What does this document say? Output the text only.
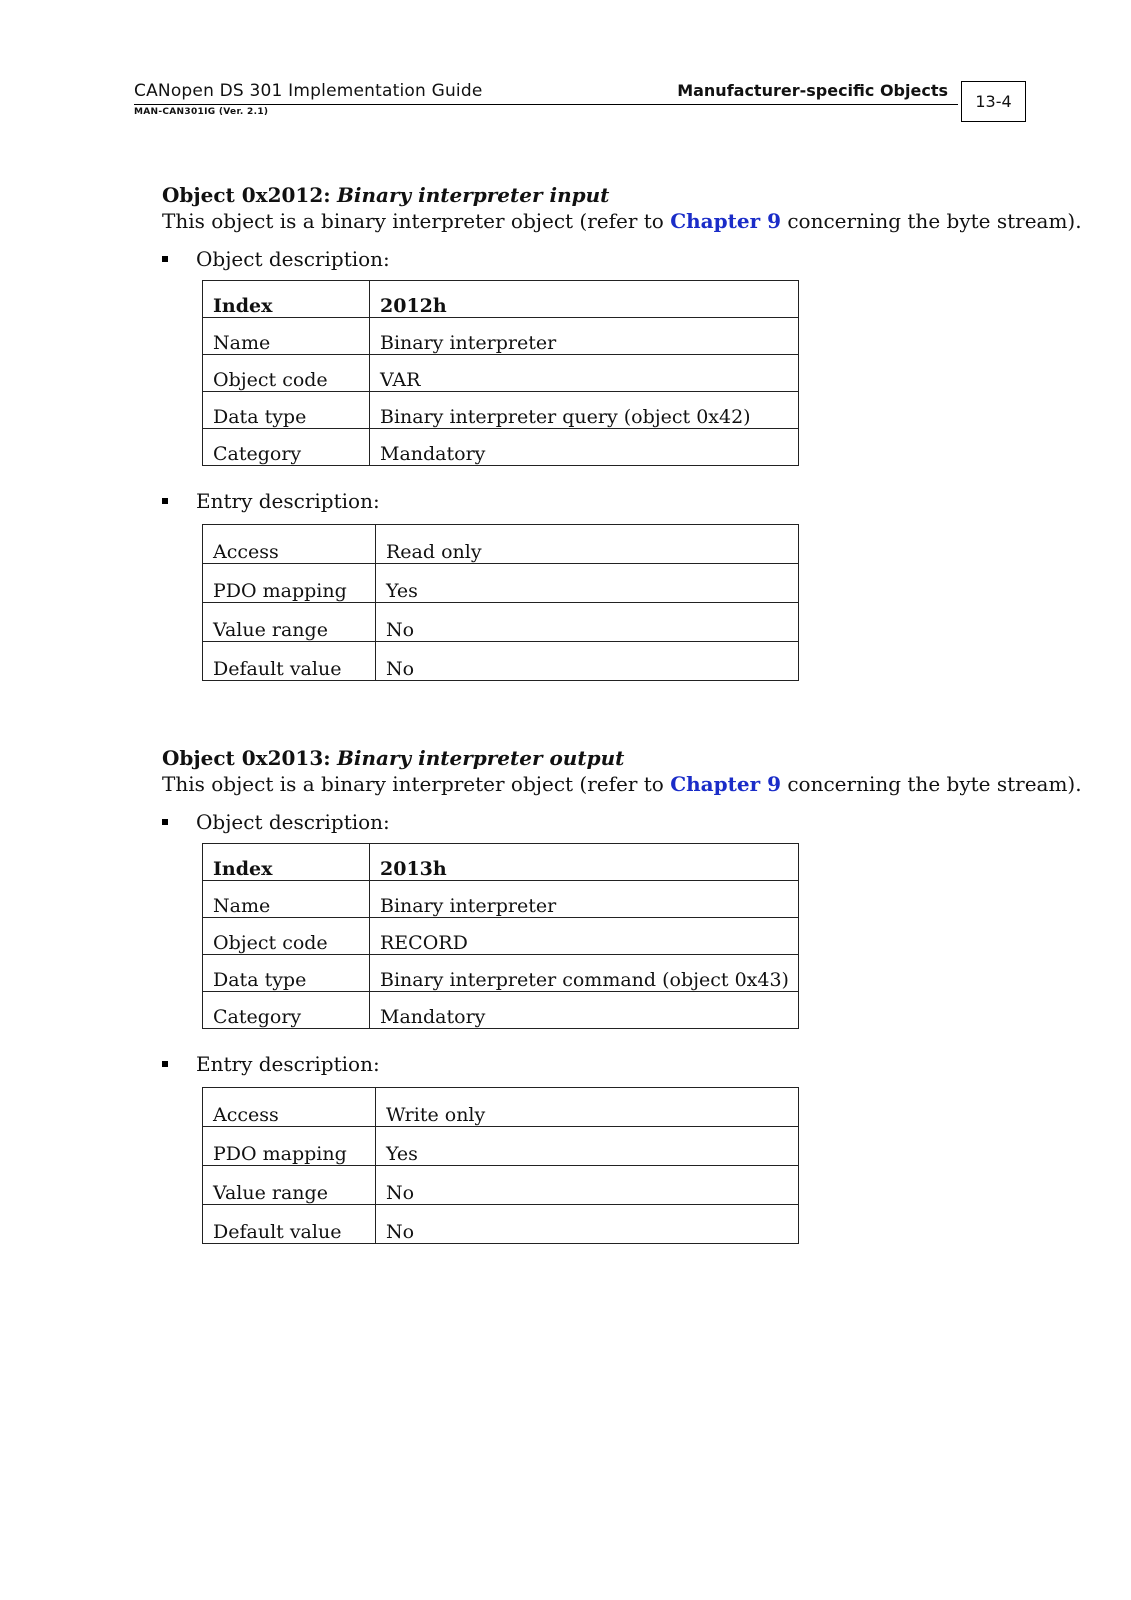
CANopen DS 301 Implementation Guide	Manufacturer-specific Objects
MAN-CAN301IG (Ver. 2.1)
13-4

Object 0x2012: Binary interpreter input

This object is a binary interpreter object (refer to Chapter 9 concerning the byte stream).

Object description:
Index	2012h
Name	Binary interpreter
Object code	VAR
Data type	Binary interpreter query (object 0x42)
Category	Mandatory
Entry description:
Access	Read only
PDO mapping	Yes
Value range	No
Default value	No

Object 0x2013: Binary interpreter output

This object is a binary interpreter object (refer to Chapter 9 concerning the byte stream).

Object description:
Index	2013h
Name	Binary interpreter
Object code	RECORD
Data type	Binary interpreter command (object 0x43)
Category	Mandatory
Entry description:
Access	Write only
PDO mapping	Yes
Value range	No
Default value	No
